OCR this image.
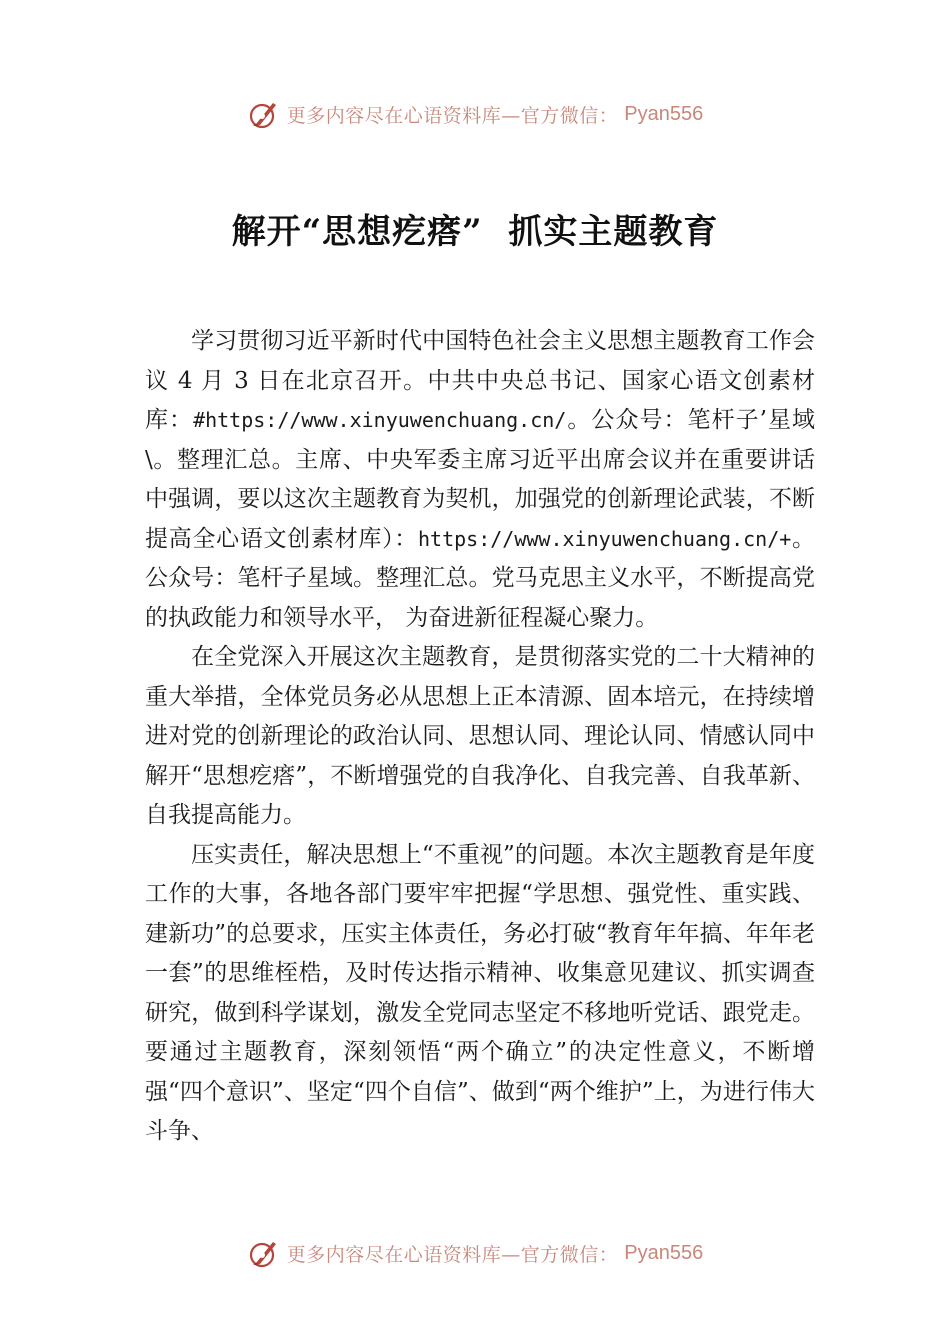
更多内容尽在心语资料库—官方微信： Pyan556
解开“思想疙瘩”  抓实主题教育

学习贯彻习近平新时代中国特色社会主义思想主题教育工作会议 4 月 3 日在北京召开。中共中央总书记、国家心语文创素材库：#https://www.xinyuwenchuang.cn/。公众号：笔杆子’星域\。整理汇总。主席、中央军委主席习近平出席会议并在重要讲话中强调，要以这次主题教育为契机，加强党的创新理论武装，不断提高全心语文创素材库）：https://www.xinyuwenchuang.cn/+。公众号：笔杆子星域。整理汇总。党马克思主义水平，不断提高党的执政能力和领导水平， 为奋进新征程凝心聚力。

在全党深入开展这次主题教育，是贯彻落实党的二十大精神的重大举措，全体党员务必从思想上正本清源、固本培元，在持续增进对党的创新理论的政治认同、思想认同、理论认同、情感认同中解开“思想疙瘩”，不断增强党的自我净化、自我完善、自我革新、自我提高能力。

压实责任，解决思想上“不重视”的问题。本次主题教育是年度工作的大事，各地各部门要牢牢把握“学思想、强党性、重实践、建新功”的总要求，压实主体责任，务必打破“教育年年搞、年年老一套”的思维桎梏，及时传达指示精神、收集意见建议、抓实调查研究，做到科学谋划，激发全党同志坚定不移地听党话、跟党走。要通过主题教育，深刻领悟“两个确立”的决定性意义，不断增强“四个意识”、坚定“四个自信”、做到“两个维护”上，为进行伟大斗争、

更多内容尽在心语资料库—官方微信： Pyan556
